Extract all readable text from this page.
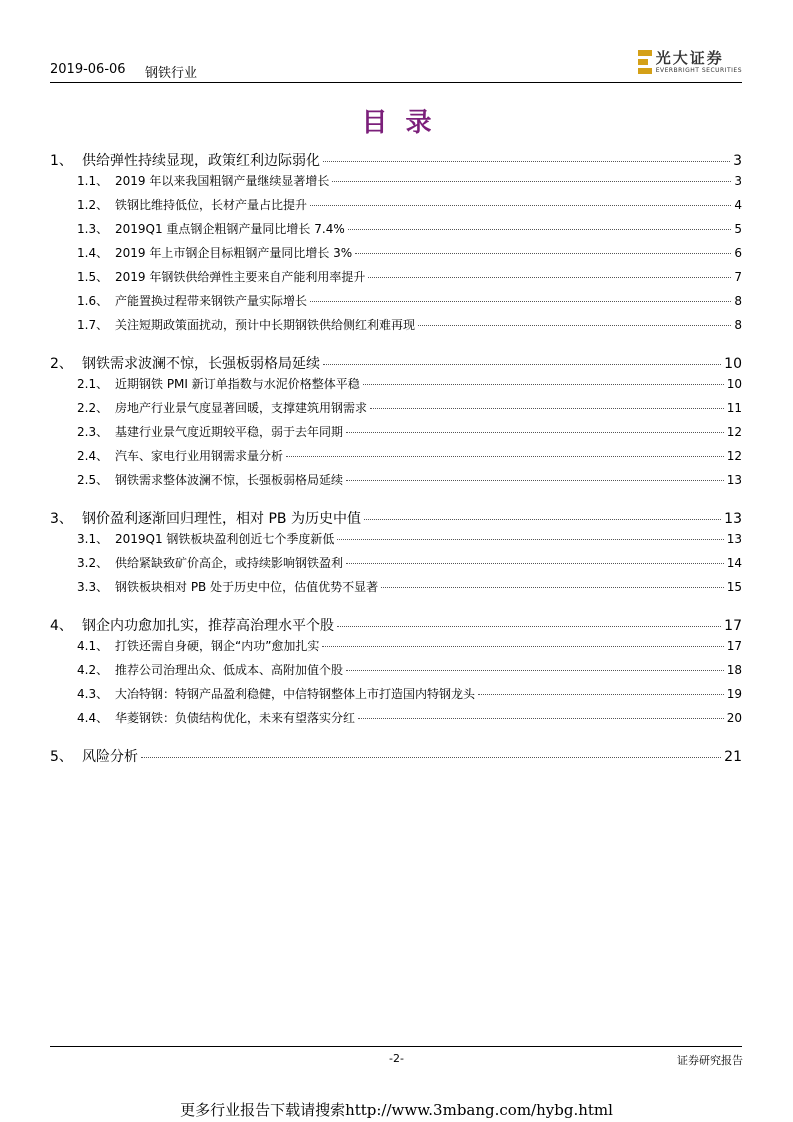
2019-06-06 钢铁行业
光大证券
EVERBRIGHT SECURITIES
目录
1、 供给弹性持续显现，政策红利边际弱化	3
1.1、 2019 年以来我国粗钢产量继续显著增长	3
1.2、 铁钢比维持低位，长材产量占比提升	4
1.3、 2019Q1 重点钢企粗钢产量同比增长 7.4%	5
1.4、 2019 年上市钢企目标粗钢产量同比增长 3%	6
1.5、 2019 年钢铁供给弹性主要来自产能利用率提升	7
1.6、 产能置换过程带来钢铁产量实际增长	8
1.7、 关注短期政策面扰动，预计中长期钢铁供给侧红利难再现	8
2、 钢铁需求波澜不惊，长强板弱格局延续	10
2.1、 近期钢铁 PMI 新订单指数与水泥价格整体平稳	10
2.2、 房地产行业景气度显著回暖，支撑建筑用钢需求	11
2.3、 基建行业景气度近期较平稳，弱于去年同期	12
2.4、 汽车、家电行业用钢需求量分析	12
2.5、 钢铁需求整体波澜不惊，长强板弱格局延续	13
3、 钢价盈利逐渐回归理性，相对 PB 为历史中值	13
3.1、 2019Q1 钢铁板块盈利创近七个季度新低	13
3.2、 供给紧缺致矿价高企，或持续影响钢铁盈利	14
3.3、 钢铁板块相对 PB 处于历史中位，估值优势不显著	15
4、 钢企内功愈加扎实，推荐高治理水平个股	17
4.1、 打铁还需自身硬，钢企“内功”愈加扎实	17
4.2、 推荐公司治理出众、低成本、高附加值个股	18
4.3、 大冶特钢：特钢产品盈利稳健，中信特钢整体上市打造国内特钢龙头	19
4.4、 华菱钢铁：负债结构优化，未来有望落实分红	20
5、 风险分析	21
-2-	证券研究报告
更多行业报告下载请搜索http://www.3mbang.com/hybg.html
